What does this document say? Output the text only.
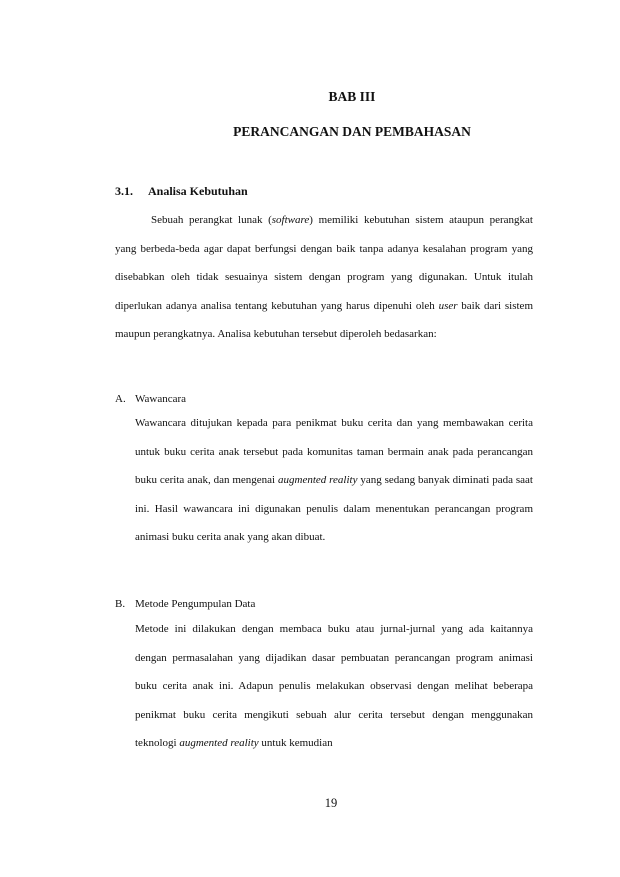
BAB III
PERANCANGAN DAN PEMBAHASAN
3.1. Analisa Kebutuhan

Sebuah perangkat lunak (software) memiliki kebutuhan sistem ataupun perangkat yang berbeda-beda agar dapat berfungsi dengan baik tanpa adanya kesalahan program yang disebabkan oleh tidak sesuainya sistem dengan program yang digunakan. Untuk itulah diperlukan adanya analisa tentang kebutuhan yang harus dipenuhi oleh user baik dari sistem maupun perangkatnya. Analisa kebutuhan tersebut diperoleh bedasarkan:

A. Wawancara

Wawancara ditujukan kepada para penikmat buku cerita dan yang membawakan cerita untuk buku cerita anak tersebut pada komunitas taman bermain anak pada perancangan buku cerita anak, dan mengenai augmented reality yang sedang banyak diminati pada saat ini. Hasil wawancara ini digunakan penulis dalam menentukan perancangan program animasi buku cerita anak yang akan dibuat.

B. Metode Pengumpulan Data

Metode ini dilakukan dengan membaca buku atau jurnal-jurnal yang ada kaitannya dengan permasalahan yang dijadikan dasar pembuatan perancangan program animasi buku cerita anak ini. Adapun penulis melakukan observasi dengan melihat beberapa penikmat buku cerita mengikuti sebuah alur cerita tersebut dengan menggunakan teknologi augmented reality untuk kemudian

19
